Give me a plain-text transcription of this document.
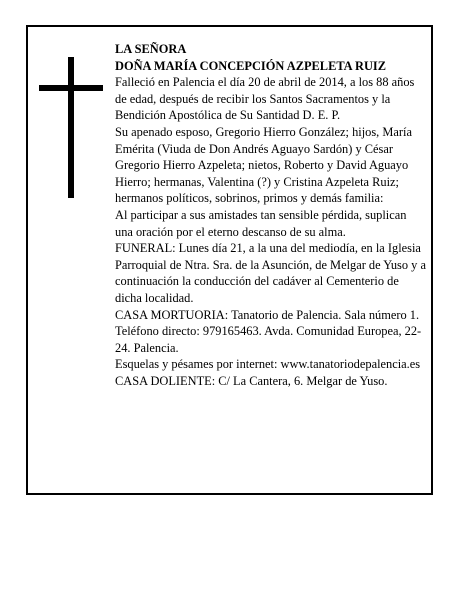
LA SEÑORA

DOÑA MARÍA CONCEPCIÓN AZPELETA RUIZ

Falleció en Palencia el día 20 de abril de 2014, a los 88 años de edad, después de recibir los Santos Sacramentos y la Bendición Apostólica de Su Santidad D. E. P.

Su apenado esposo, Gregorio Hierro González; hijos, María Emérita (Viuda de Don Andrés Aguayo Sardón) y César Gregorio Hierro Azpeleta; nietos, Roberto y David Aguayo Hierro; hermanas, Valentina (?) y Cristina Azpeleta Ruiz; hermanos políticos, sobrinos, primos y demás familia:

Al participar a sus amistades tan sensible pérdida, suplican una oración por el eterno descanso de su alma.

FUNERAL: Lunes día 21, a la una del mediodía, en la Iglesia Parroquial de Ntra. Sra. de la Asunción, de Melgar de Yuso y a continuación la conducción del cadáver al Cementerio de dicha localidad.

CASA MORTUORIA: Tanatorio de Palencia. Sala número 1. Teléfono directo: 979165463. Avda. Comunidad Europea, 22-24. Palencia.

Esquelas y pésames por internet: www.tanatoriodepalencia.es

CASA DOLIENTE: C/ La Cantera, 6. Melgar de Yuso.
